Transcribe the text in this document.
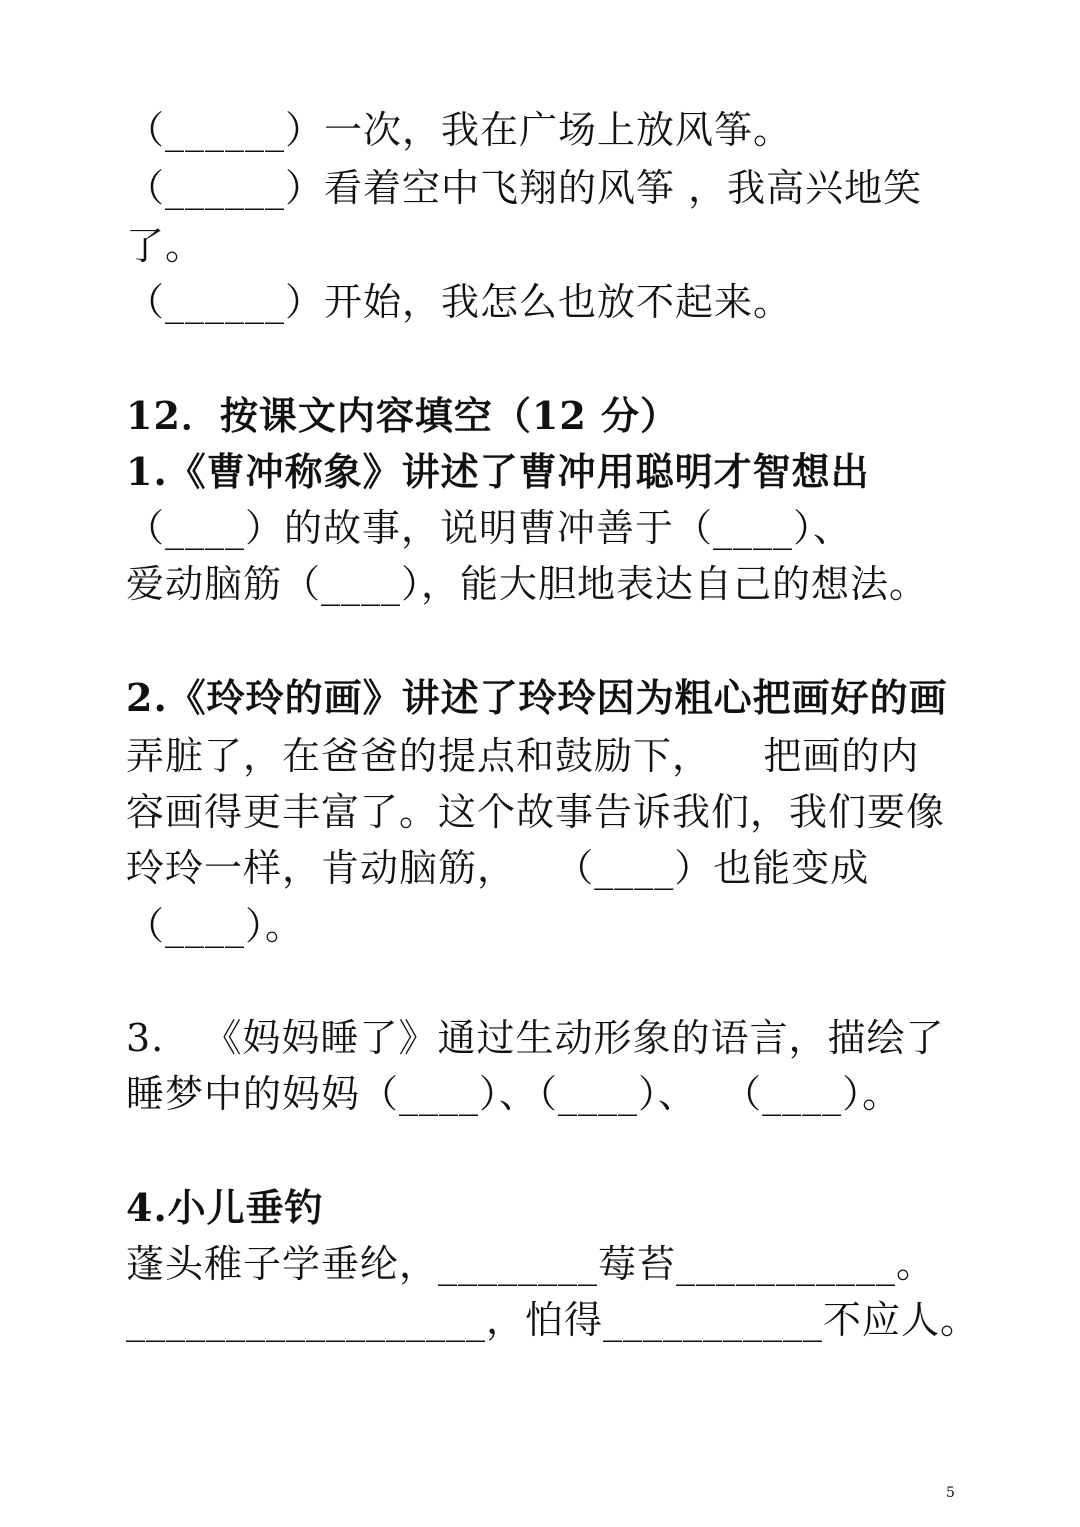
（______）一次，我在广场上放风筝。
（______）看着空中飞翔的风筝 ，我高兴地笑
了。
（______）开始，我怎么也放不起来。
12．按课文内容填空（12 分）
1.《曹冲称象》讲述了曹冲用聪明才智想出
（____）的故事，说明曹冲善于（____）、
爱动脑筋（____），能大胆地表达自己的想法。
2.《玲玲的画》讲述了玲玲因为粗心把画好的画
弄脏了，在爸爸的提点和鼓励下，    把画的内
容画得更丰富了。这个故事告诉我们，我们要像
玲玲一样，肯动脑筋，   （____）也能变成
（____）。
3.   《妈妈睡了》通过生动形象的语言，描绘了
睡梦中的妈妈（____）、（____）、  （____）。
4.小儿垂钓
蓬头稚子学垂纶，________莓苔___________。
__________________，怕得___________不应人。
5
